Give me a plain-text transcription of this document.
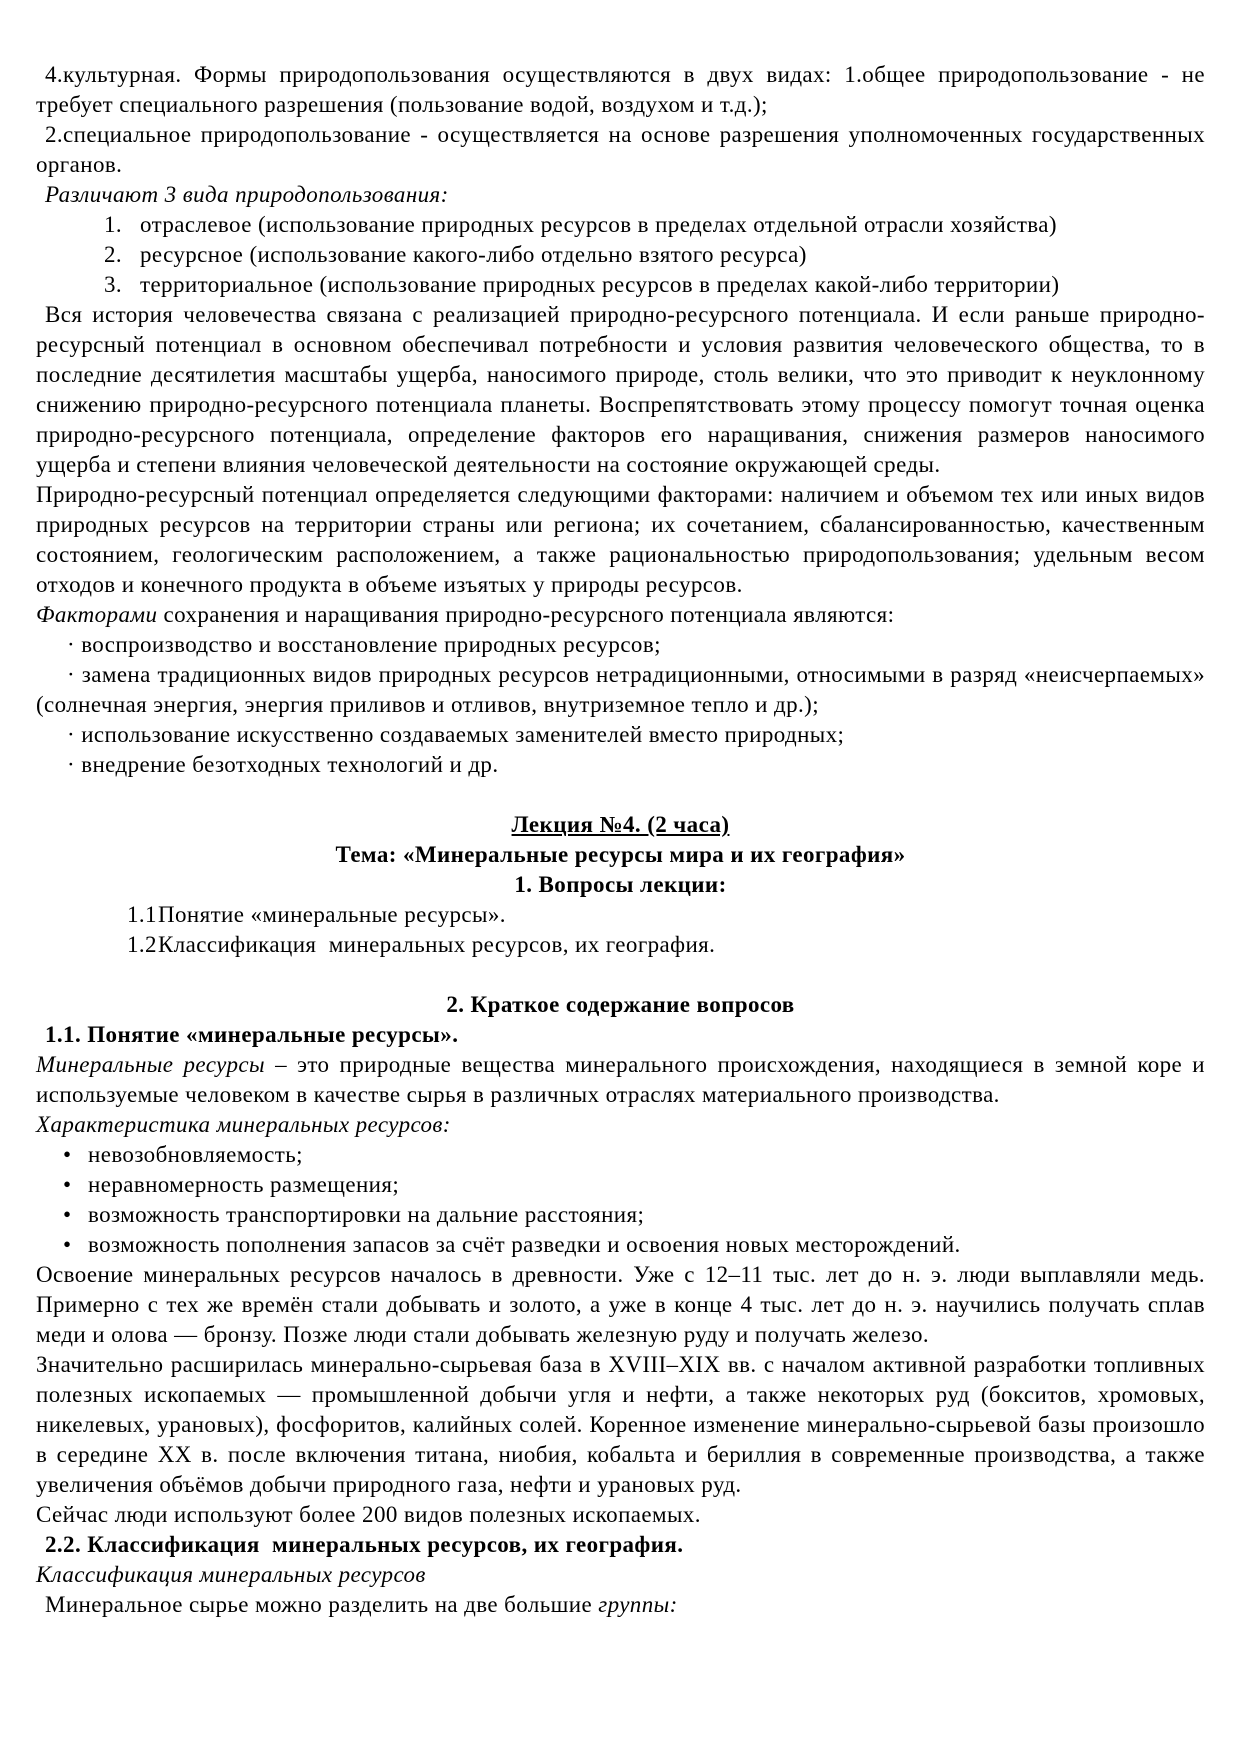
4.культурная. Формы природопользования осуществляются в двух видах: 1.общее природопользование - не требует специального разрешения (пользование водой, воздухом и т.д.);

2.специальное природопользование - осуществляется на основе разрешения уполномоченных государственных органов.

Различают 3 вида природопользования:

1. отраслевое (использование природных ресурсов в пределах отдельной отрасли хозяйства)
2. ресурсное (использование какого-либо отдельно взятого ресурса)
3. территориальное (использование природных ресурсов в пределах какой-либо территории)

Вся история человечества связана с реализацией природно-ресурсного потенциала. И если раньше природно-ресурсный потенциал в основном обеспечивал потребности и условия развития человеческого общества, то в последние десятилетия масштабы ущерба, наносимого природе, столь велики, что это приводит к неуклонному снижению природно-ресурсного потенциала планеты. Воспрепятствовать этому процессу помогут точная оценка природно-ресурсного потенциала, определение факторов его наращивания, снижения размеров наносимого ущерба и степени влияния человеческой деятельности на состояние окружающей среды.

Природно-ресурсный потенциал определяется следующими факторами: наличием и объемом тех или иных видов природных ресурсов на территории страны или региона; их сочетанием, сбалансированностью, качественным состоянием, геологическим расположением, а также рациональностью природопользования; удельным весом отходов и конечного продукта в объеме изъятых у природы ресурсов.

Факторами сохранения и наращивания природно-ресурсного потенциала являются:

· воспроизводство и восстановление природных ресурсов;

· замена традиционных видов природных ресурсов нетрадиционными, относимыми в разряд «неисчерпаемых» (солнечная энергия, энергия приливов и отливов, внутриземное тепло и др.);

· использование искусственно создаваемых заменителей вместо природных;

· внедрение безотходных технологий и др.

Лекция №4. (2 часа)

Тема: «Минеральные ресурсы мира и их география»

1. Вопросы лекции:

1.1Понятие «минеральные ресурсы».
1.2Классификация  минеральных ресурсов, их география.

2. Краткое содержание вопросов

1.1. Понятие «минеральные ресурсы».

Минеральные ресурсы – это природные вещества минерального происхождения, находящиеся в земной коре и используемые человеком в качестве сырья в различных отраслях материального производства.

Характеристика минеральных ресурсов:

• невозобновляемость;
• неравномерность размещения;
• возможность транспортировки на дальние расстояния;
• возможность пополнения запасов за счёт разведки и освоения новых месторождений.

Освоение минеральных ресурсов началось в древности. Уже с 12–11 тыс. лет до н. э. люди выплавляли медь. Примерно с тех же времён стали добывать и золото, а уже в конце 4 тыс. лет до н. э. научились получать сплав меди и олова — бронзу. Позже люди стали добывать железную руду и получать железо.

Значительно расширилась минерально-сырьевая база в XVIII–XIX вв. с началом активной разработки топливных полезных ископаемых — промышленной добычи угля и нефти, а также некоторых руд (бокситов, хромовых, никелевых, урановых), фосфоритов, калийных солей. Коренное изменение минерально-сырьевой базы произошло в середине XX в. после включения титана, ниобия, кобальта и бериллия в современные производства, а также увеличения объёмов добычи природного газа, нефти и урановых руд.

Сейчас люди используют более 200 видов полезных ископаемых.

2.2. Классификация  минеральных ресурсов, их география.

Классификация минеральных ресурсов

Минеральное сырье можно разделить на две большие группы:
